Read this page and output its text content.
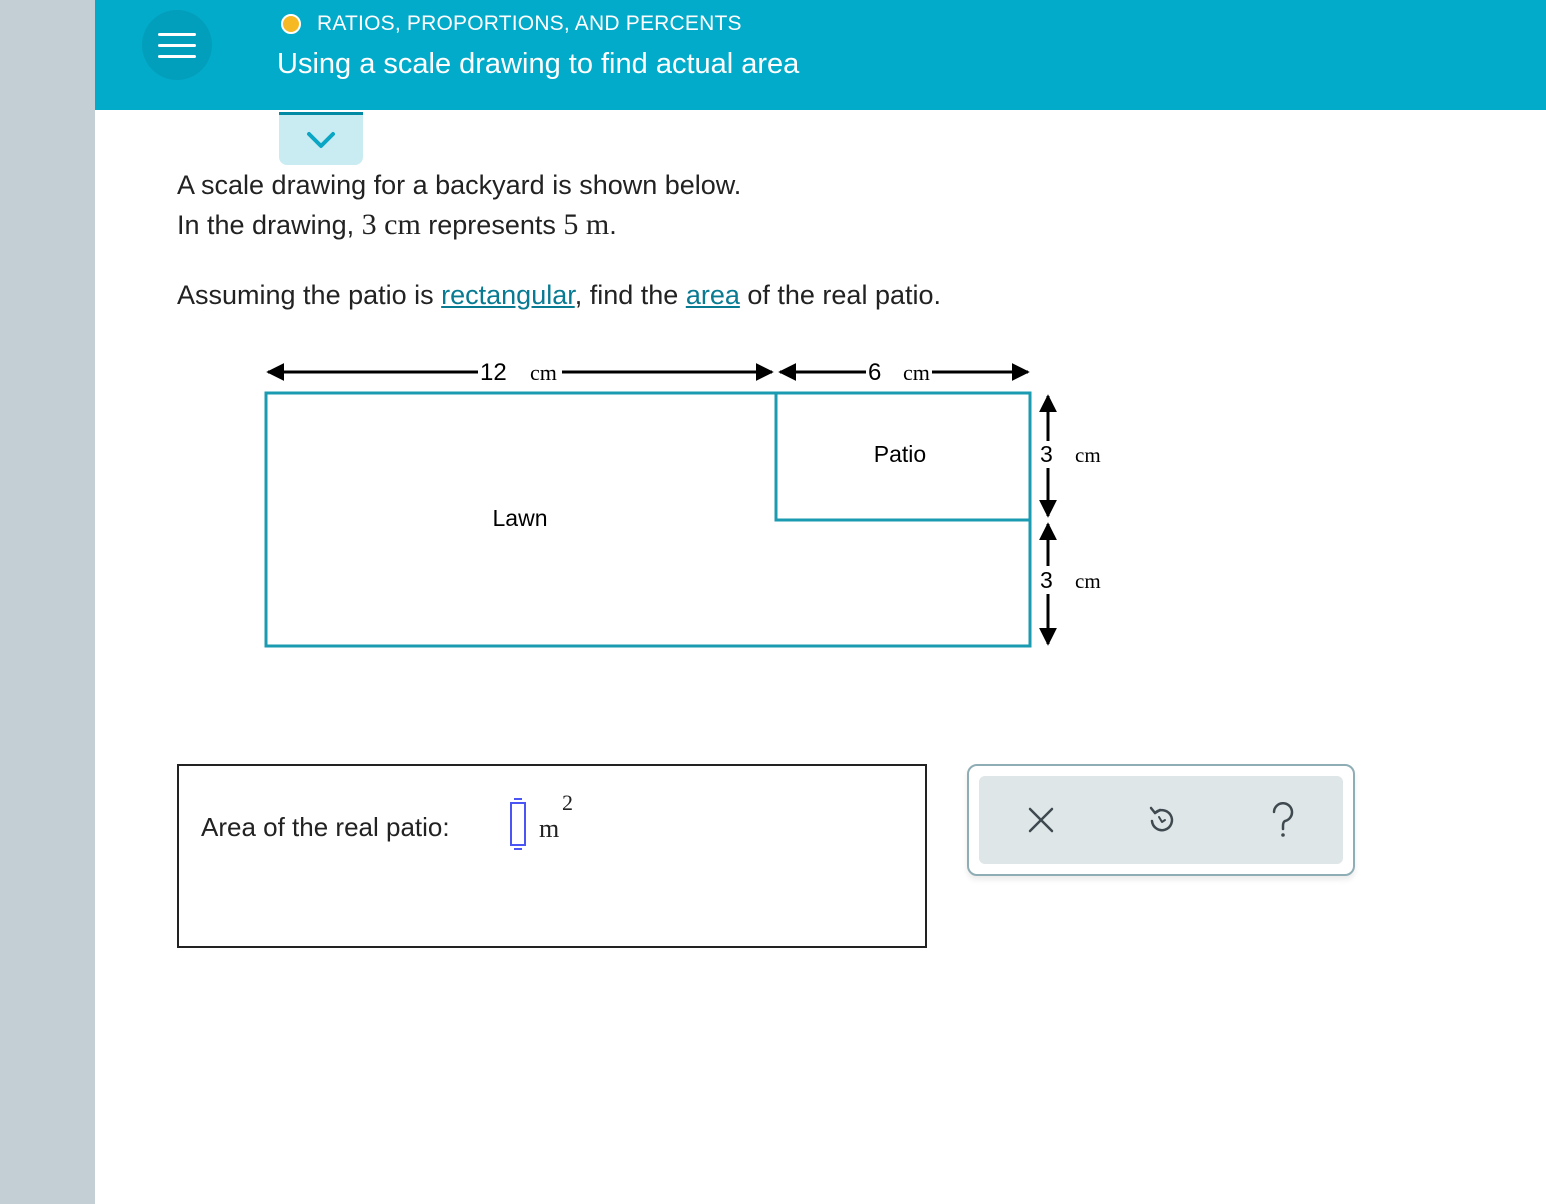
RATIOS, PROPORTIONS, AND PERCENTS
Using a scale drawing to find actual area
A scale drawing for a backyard is shown below.
In the drawing, 3 cm represents 5 m.
Assuming the patio is rectangular, find the area of the real patio.
12 cm	6 cm
Patio
Lawn
3 cm
3 cm
Area of the real patio:	m
2
